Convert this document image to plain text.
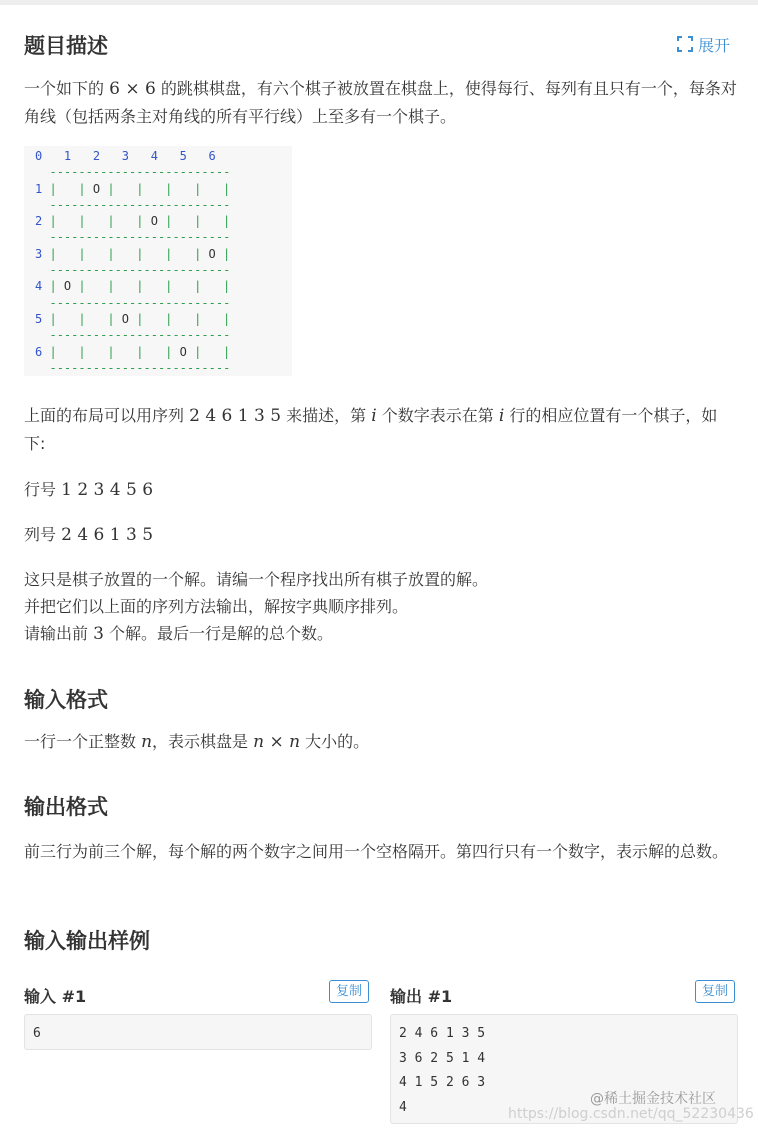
题目描述	展开
一个如下的 6 × 6 的跳棋棋盘，有六个棋子被放置在棋盘上，使得每行、每列有且只有一个，每条对角线（包括两条主对角线的所有平行线）上至多有一个棋子。
0 1 2 3 4 5 6
-------------------------
1 | | O | | | | |
-------------------------
2 | | | | O | | |
-------------------------
3 | | | | | | O |
-------------------------
4 | O | | | | | |
-------------------------
5 | | | O | | | |
-------------------------
6 | | | | | O | |
-------------------------
上面的布局可以用序列 2 4 6 1 3 5 来描述，第 i 个数字表示在第 i 行的相应位置有一个棋子，如下:
行号 1 2 3 4 5 6
列号 2 4 6 1 3 5
这只是棋子放置的一个解。请编一个程序找出所有棋子放置的解。
并把它们以上面的序列方法输出，解按字典顺序排列。
请输出前 3 个解。最后一行是解的总个数。
输入格式
一行一个正整数 n，表示棋盘是 n × n 大小的。
输出格式
前三行为前三个解，每个解的两个数字之间用一个空格隔开。第四行只有一个数字，表示解的总数。
输入输出样例
输入 #1	复制
6
输出 #1	复制
2 4 6 1 3 5
3 6 2 5 1 4
4 1 5 2 6 3
4	@稀土掘金技术社区
https://blog.csdn.net/qq_52230436
